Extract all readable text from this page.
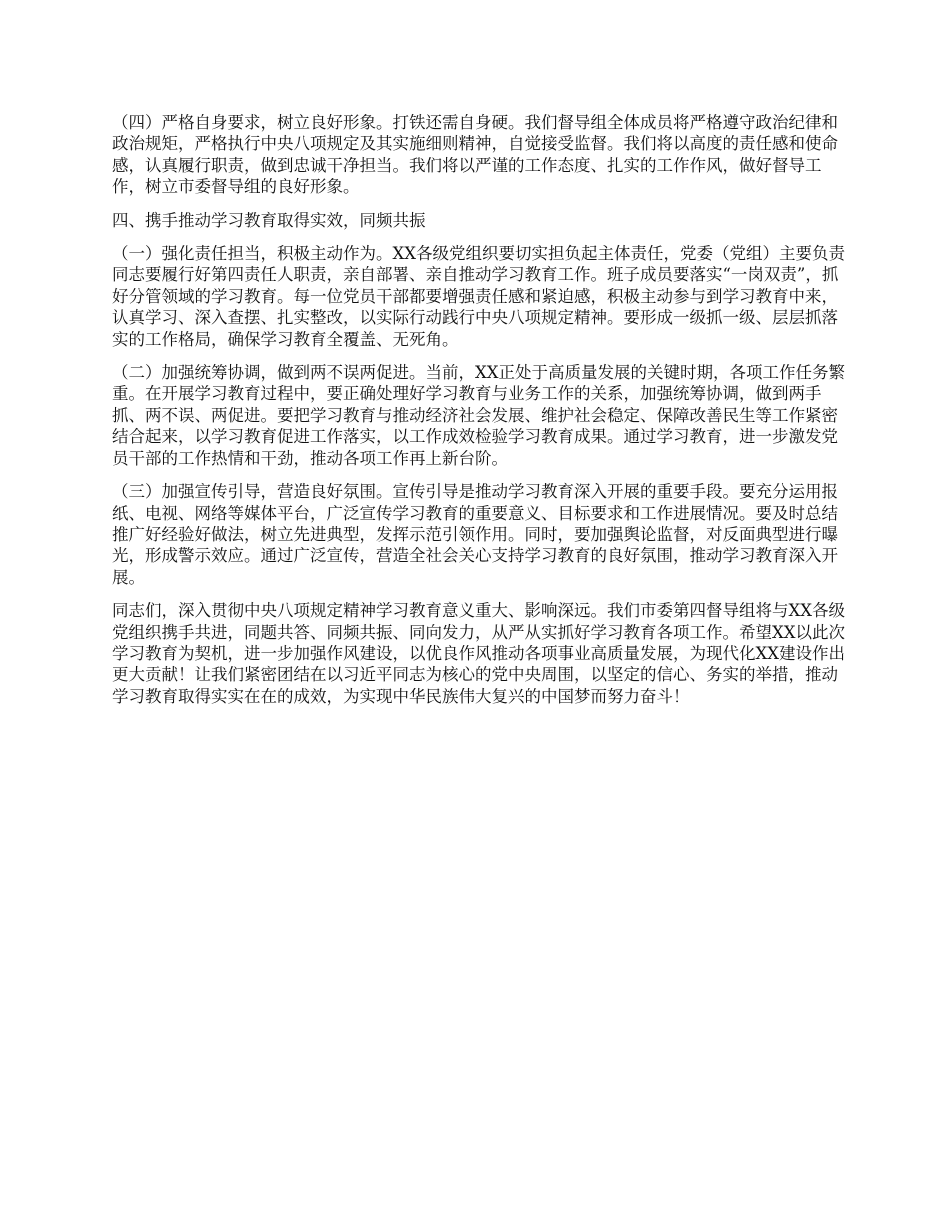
（四）严格自身要求，树立良好形象。打铁还需自身硬。我们督导组全体成员将严格遵守政治纪律和政治规矩，严格执行中央八项规定及其实施细则精神，自觉接受监督。我们将以高度的责任感和使命感，认真履行职责，做到忠诚干净担当。我们将以严谨的工作态度、扎实的工作作风，做好督导工作，树立市委督导组的良好形象。

四、携手推动学习教育取得实效，同频共振

（一）强化责任担当，积极主动作为。XX各级党组织要切实担负起主体责任，党委（党组）主要负责同志要履行好第四责任人职责，亲自部署、亲自推动学习教育工作。班子成员要落实“一岗双责”，抓好分管领域的学习教育。每一位党员干部都要增强责任感和紧迫感，积极主动参与到学习教育中来，认真学习、深入查摆、扎实整改，以实际行动践行中央八项规定精神。要形成一级抓一级、层层抓落实的工作格局，确保学习教育全覆盖、无死角。

（二）加强统筹协调，做到两不误两促进。当前，XX正处于高质量发展的关键时期，各项工作任务繁重。在开展学习教育过程中，要正确处理好学习教育与业务工作的关系，加强统筹协调，做到两手抓、两不误、两促进。要把学习教育与推动经济社会发展、维护社会稳定、保障改善民生等工作紧密结合起来，以学习教育促进工作落实，以工作成效检验学习教育成果。通过学习教育，进一步激发党员干部的工作热情和干劲，推动各项工作再上新台阶。

（三）加强宣传引导，营造良好氛围。宣传引导是推动学习教育深入开展的重要手段。要充分运用报纸、电视、网络等媒体平台，广泛宣传学习教育的重要意义、目标要求和工作进展情况。要及时总结推广好经验好做法，树立先进典型，发挥示范引领作用。同时，要加强舆论监督，对反面典型进行曝光，形成警示效应。通过广泛宣传，营造全社会关心支持学习教育的良好氛围，推动学习教育深入开展。

同志们，深入贯彻中央八项规定精神学习教育意义重大、影响深远。我们市委第四督导组将与XX各级党组织携手共进，同题共答、同频共振、同向发力，从严从实抓好学习教育各项工作。希望XX以此次学习教育为契机，进一步加强作风建设，以优良作风推动各项事业高质量发展，为现代化XX建设作出更大贡献！让我们紧密团结在以习近平同志为核心的党中央周围，以坚定的信心、务实的举措，推动学习教育取得实实在在的成效，为实现中华民族伟大复兴的中国梦而努力奋斗！
